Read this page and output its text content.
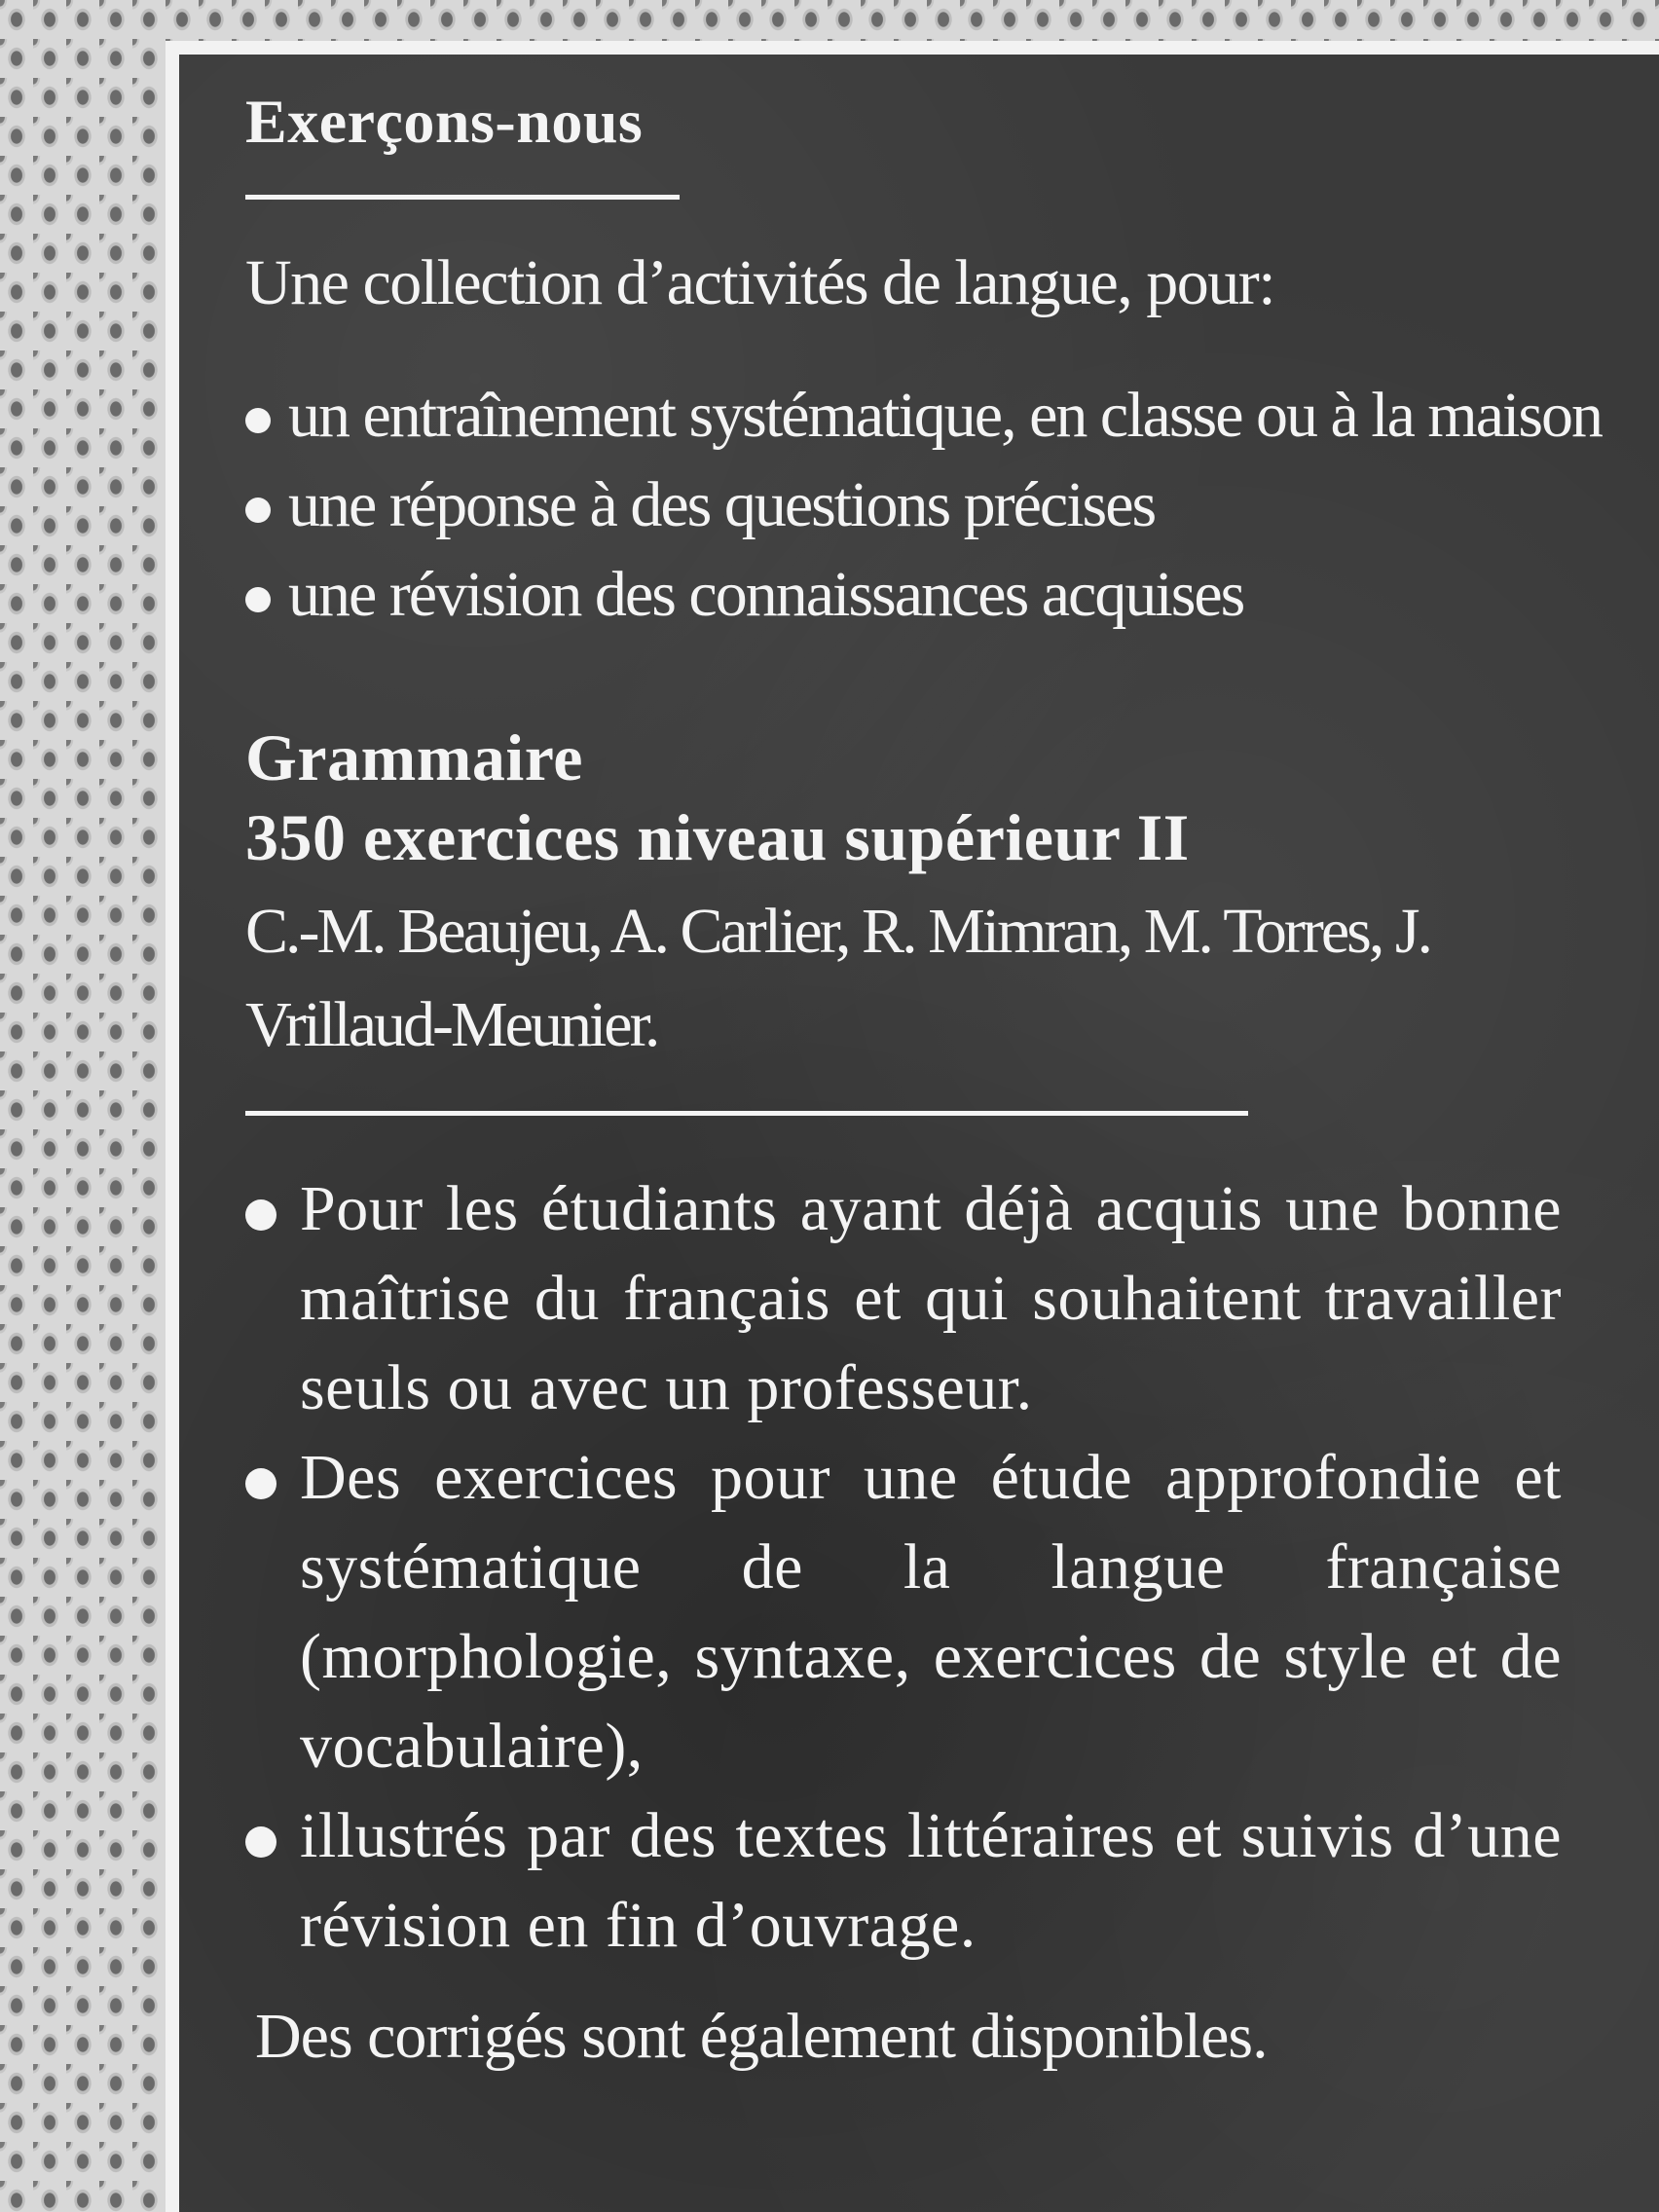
Exerçons-nous
Une collection d’activités de langue, pour:
un entraînement systématique, en classe ou à la maison
une réponse à des questions précises
une révision des connaissances acquises
Grammaire
350 exercices niveau supérieur II
C.-M. Beaujeu, A. Carlier, R. Mimran, M. Torres, J. Vrillaud-Meunier.
Pour les étudiants ayant déjà acquis une bonne maîtrise du français et qui souhaitent travailler seuls ou avec un professeur.
Des exercices pour une étude approfondie et systématique de la langue française (morphologie, syntaxe, exercices de style et de vocabulaire),
illustrés par des textes littéraires et suivis d’une révision en fin d’ouvrage.
Des corrigés sont également disponibles.
